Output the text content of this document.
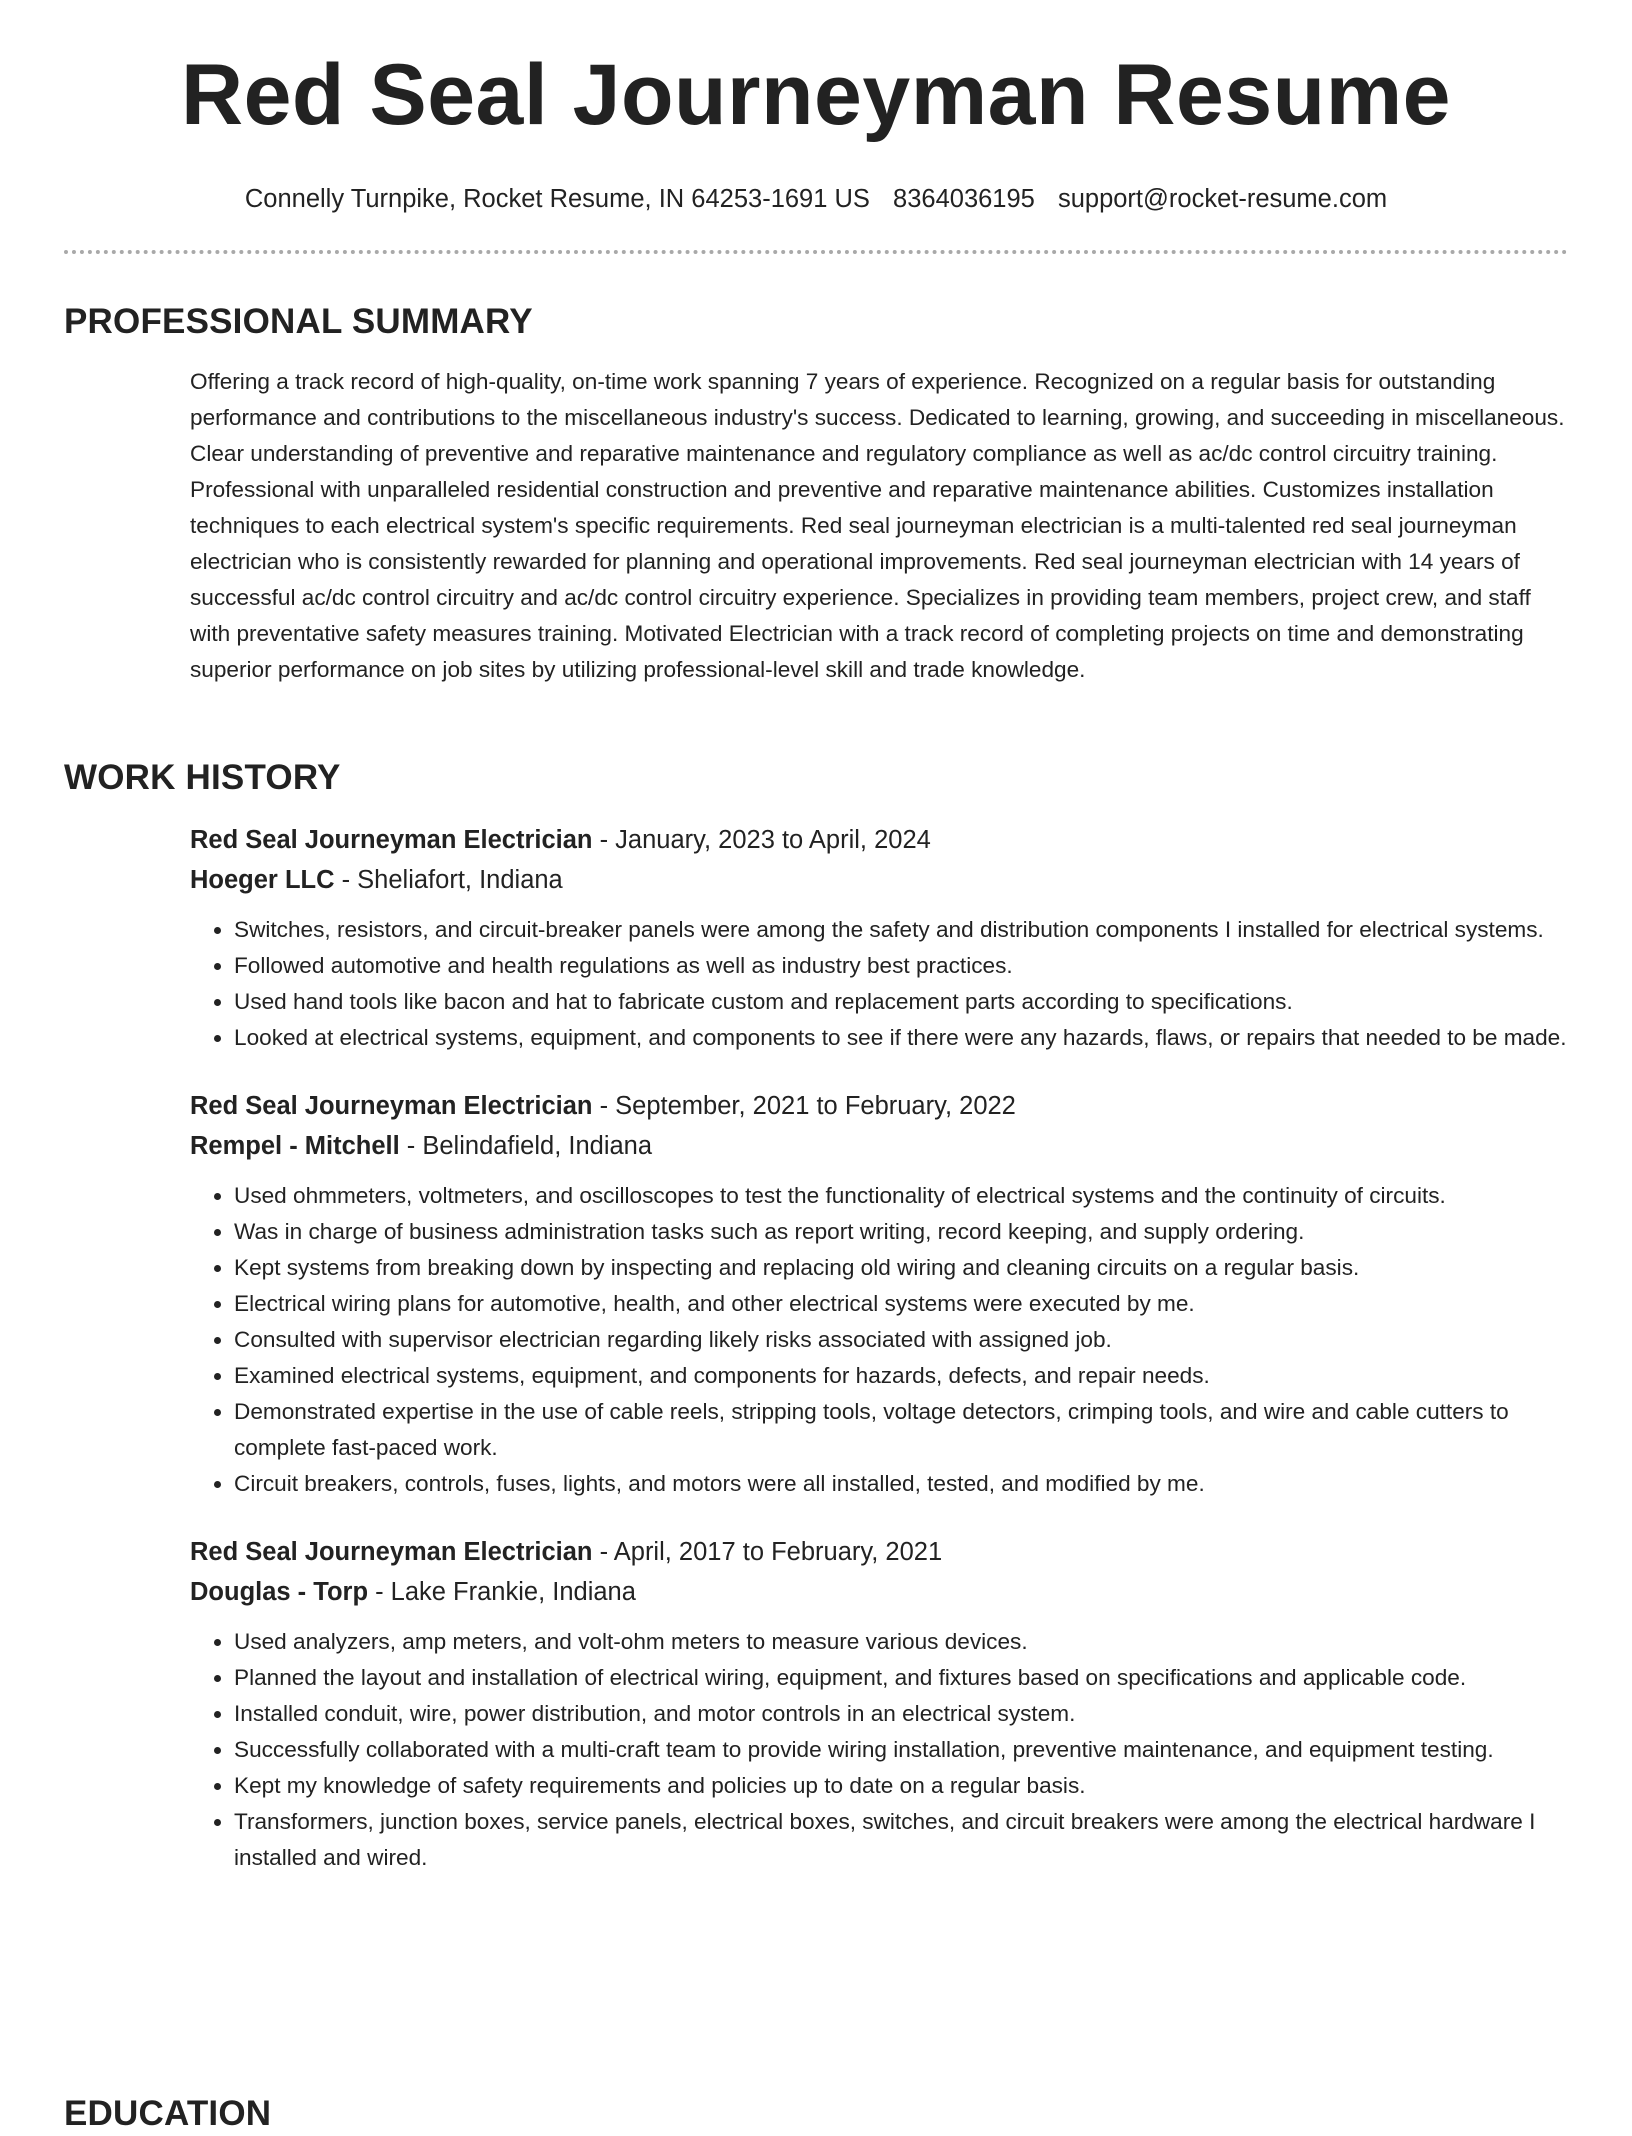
Red Seal Journeyman Resume
Connelly Turnpike, Rocket Resume, IN 64253-1691 US 8364036195 support@rocket-resume.com
PROFESSIONAL SUMMARY

Offering a track record of high-quality, on-time work spanning 7 years of experience. Recognized on a regular basis for outstanding performance and contributions to the miscellaneous industry's success. Dedicated to learning, growing, and succeeding in miscellaneous. Clear understanding of preventive and reparative maintenance and regulatory compliance as well as ac/dc control circuitry training. Professional with unparalleled residential construction and preventive and reparative maintenance abilities. Customizes installation techniques to each electrical system's specific requirements. Red seal journeyman electrician is a multi-talented red seal journeyman electrician who is consistently rewarded for planning and operational improvements. Red seal journeyman electrician with 14 years of successful ac/dc control circuitry and ac/dc control circuitry experience. Specializes in providing team members, project crew, and staff with preventative safety measures training. Motivated Electrician with a track record of completing projects on time and demonstrating superior performance on job sites by utilizing professional-level skill and trade knowledge.

WORK HISTORY

Red Seal Journeyman Electrician - January, 2023 to April, 2024

Hoeger LLC - Sheliafort, Indiana

• Switches, resistors, and circuit-breaker panels were among the safety and distribution components I installed for electrical systems.
• Followed automotive and health regulations as well as industry best practices.
• Used hand tools like bacon and hat to fabricate custom and replacement parts according to specifications.
• Looked at electrical systems, equipment, and components to see if there were any hazards, flaws, or repairs that needed to be made.

Red Seal Journeyman Electrician - September, 2021 to February, 2022

Rempel - Mitchell - Belindafield, Indiana

• Used ohmmeters, voltmeters, and oscilloscopes to test the functionality of electrical systems and the continuity of circuits.
• Was in charge of business administration tasks such as report writing, record keeping, and supply ordering.
• Kept systems from breaking down by inspecting and replacing old wiring and cleaning circuits on a regular basis.
• Electrical wiring plans for automotive, health, and other electrical systems were executed by me.
• Consulted with supervisor electrician regarding likely risks associated with assigned job.
• Examined electrical systems, equipment, and components for hazards, defects, and repair needs.
• Demonstrated expertise in the use of cable reels, stripping tools, voltage detectors, crimping tools, and wire and cable cutters to complete fast-paced work.
• Circuit breakers, controls, fuses, lights, and motors were all installed, tested, and modified by me.

Red Seal Journeyman Electrician - April, 2017 to February, 2021

Douglas - Torp - Lake Frankie, Indiana

• Used analyzers, amp meters, and volt-ohm meters to measure various devices.
• Planned the layout and installation of electrical wiring, equipment, and fixtures based on specifications and applicable code.
• Installed conduit, wire, power distribution, and motor controls in an electrical system.
• Successfully collaborated with a multi-craft team to provide wiring installation, preventive maintenance, and equipment testing.
• Kept my knowledge of safety requirements and policies up to date on a regular basis.
• Transformers, junction boxes, service panels, electrical boxes, switches, and circuit breakers were among the electrical hardware I installed and wired.
EDUCATION
